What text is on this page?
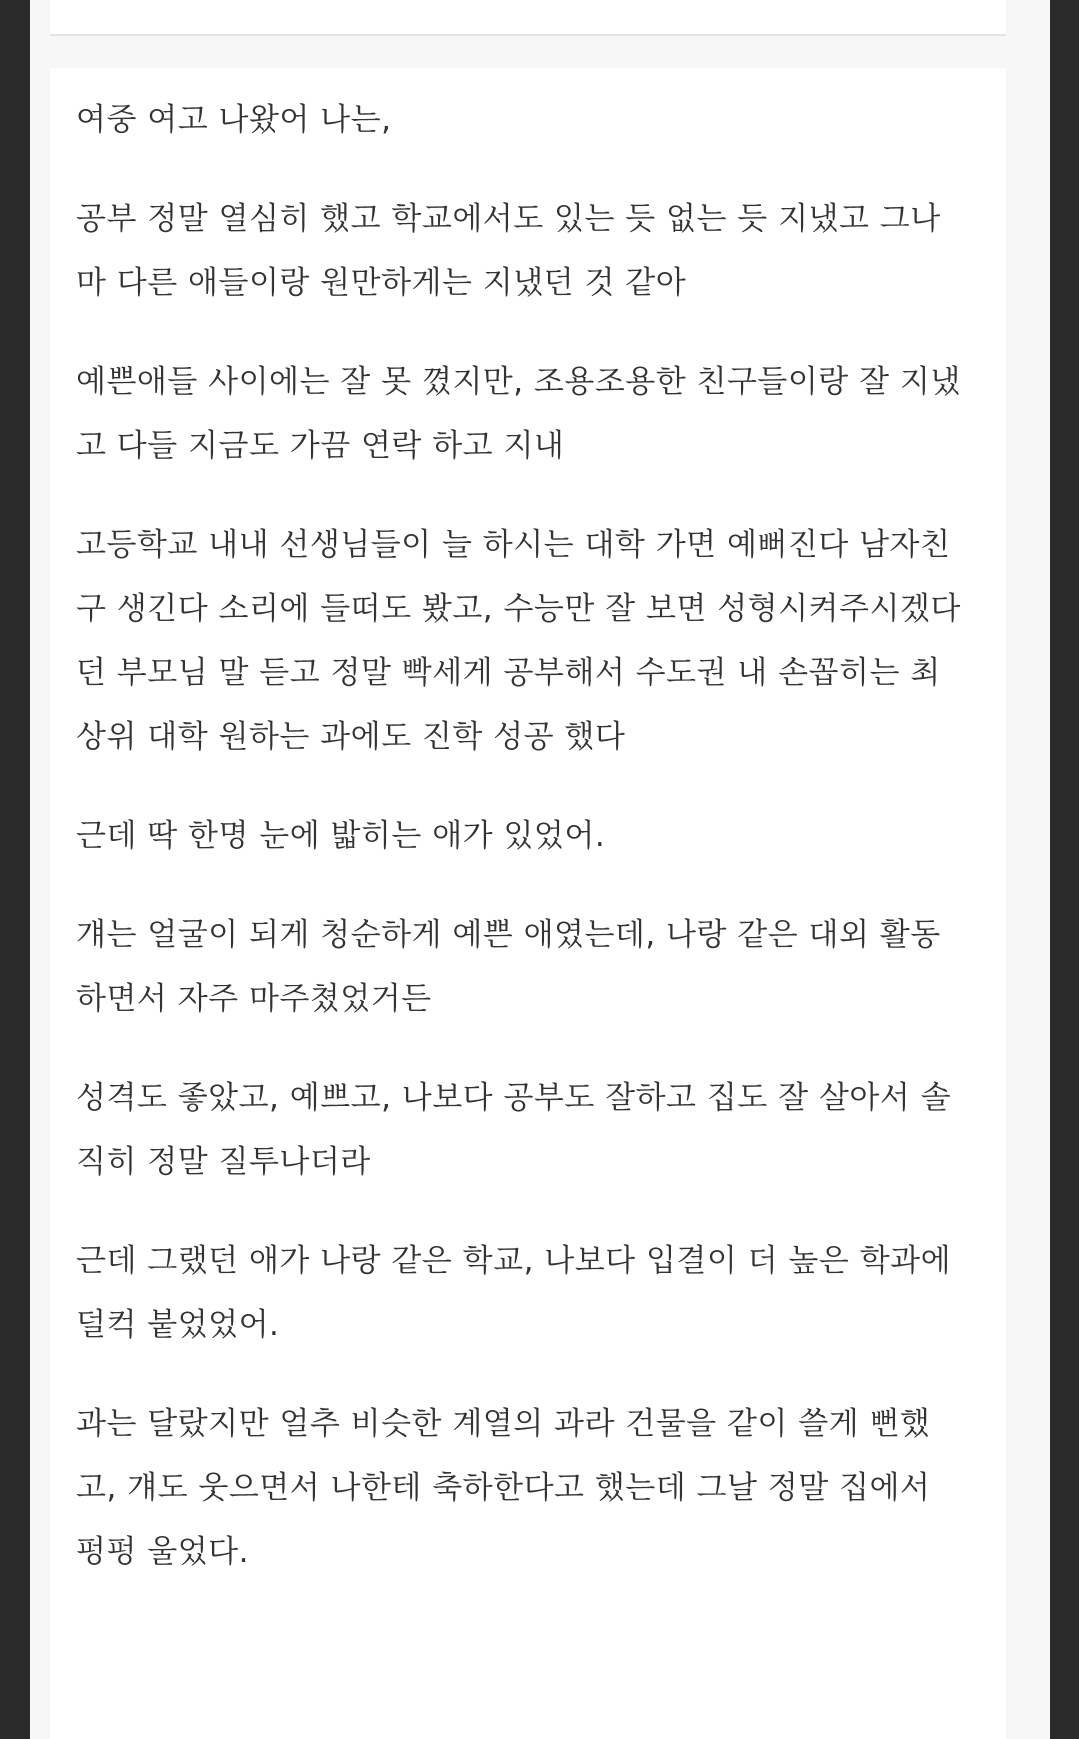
여중 여고 나왔어 나는,

공부 정말 열심히 했고 학교에서도 있는 듯 없는 듯 지냈고 그나
마 다른 애들이랑 원만하게는 지냈던 것 같아

예쁜애들 사이에는 잘 못 꼈지만, 조용조용한 친구들이랑 잘 지냈
고 다들 지금도 가끔 연락 하고 지내

고등학교 내내 선생님들이 늘 하시는 대학 가면 예뻐진다 남자친
구 생긴다 소리에 들떠도 봤고, 수능만 잘 보면 성형시켜주시겠다
던 부모님 말 듣고 정말 빡세게 공부해서 수도권 내 손꼽히는 최
상위 대학 원하는 과에도 진학 성공 했다

근데 딱 한명 눈에 밟히는 애가 있었어.

걔는 얼굴이 되게 청순하게 예쁜 애였는데, 나랑 같은 대외 활동
하면서 자주 마주쳤었거든

성격도 좋았고, 예쁘고, 나보다 공부도 잘하고 집도 잘 살아서 솔
직히 정말 질투나더라

근데 그랬던 애가 나랑 같은 학교, 나보다 입결이 더 높은 학과에
덜컥 붙었었어.

과는 달랐지만 얼추 비슷한 계열의 과라 건물을 같이 쓸게 뻔했
고, 걔도 웃으면서 나한테 축하한다고 했는데 그날 정말 집에서
펑펑 울었다.
